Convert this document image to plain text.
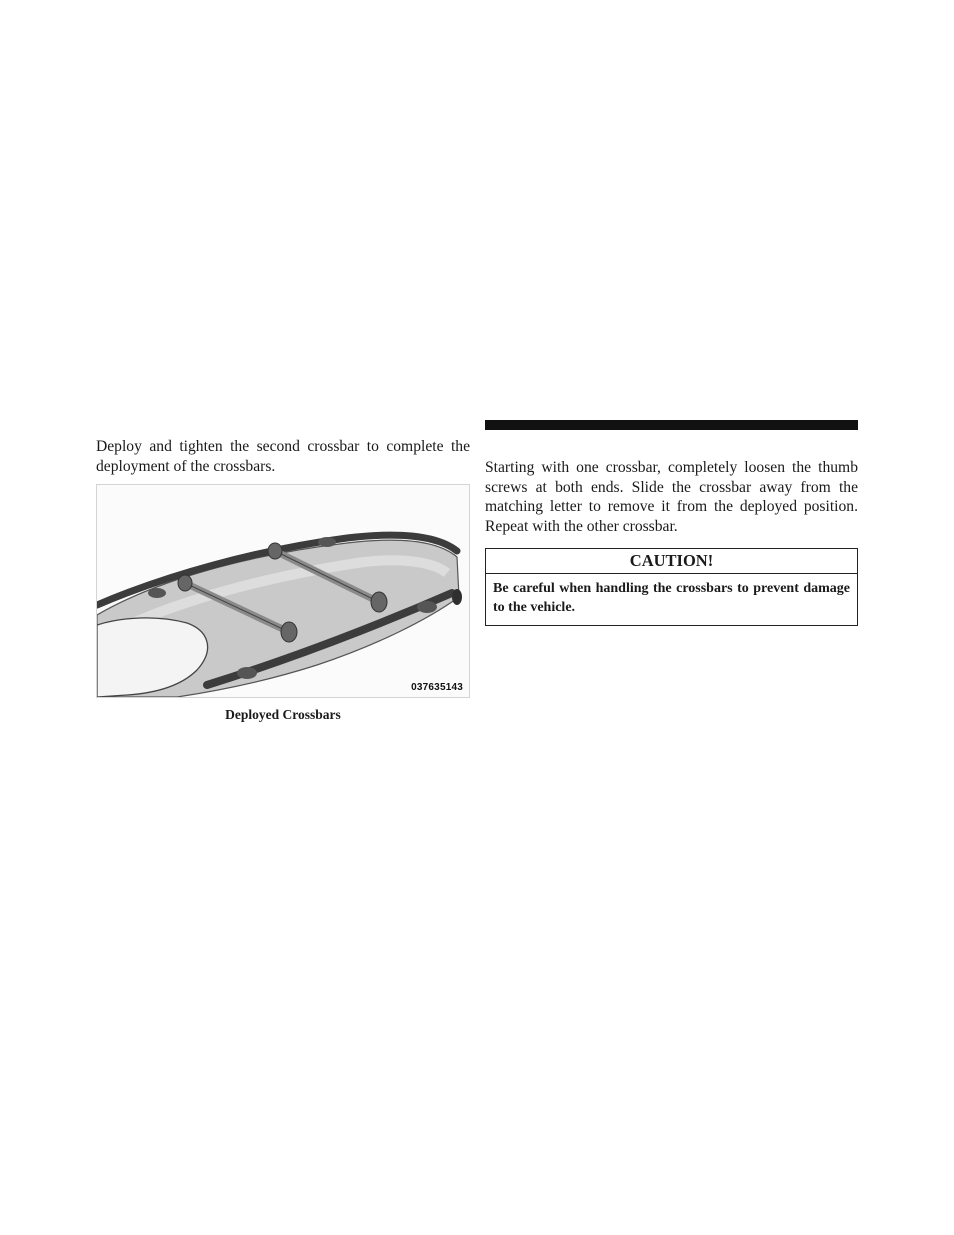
Deploy and tighten the second crossbar to complete the deployment of the crossbars.

037635143
Deployed Crossbars

Starting with one crossbar, completely loosen the thumb screws at both ends. Slide the crossbar away from the matching letter to remove it from the deployed position. Repeat with the other crossbar.

CAUTION!
Be careful when handling the crossbars to prevent damage to the vehicle.
